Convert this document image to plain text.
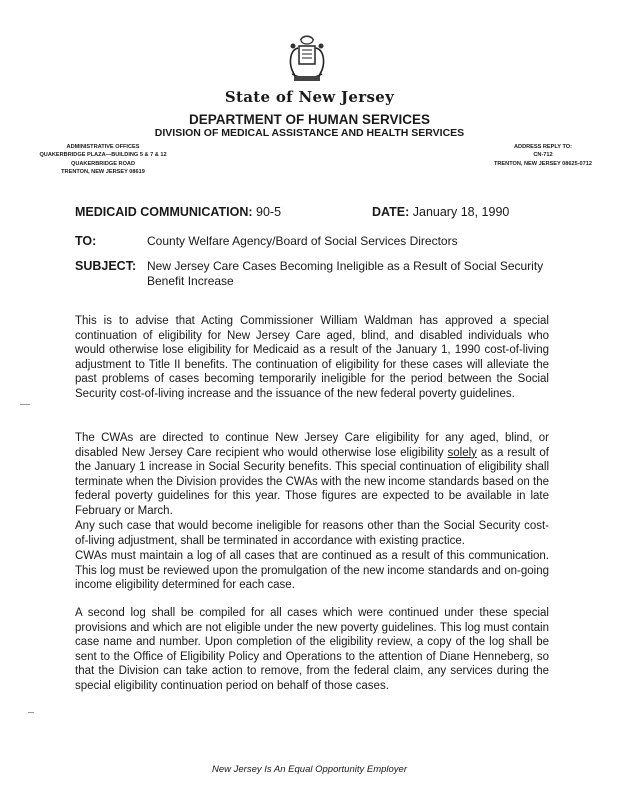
State of New Jersey
DEPARTMENT OF HUMAN SERVICES
DIVISION OF MEDICAL ASSISTANCE AND HEALTH SERVICES
ADMINISTRATIVE OFFICES
QUAKERBRIDGE PLAZA—BUILDING 5 & 7 & 12
QUAKERBRIDGE ROAD
TRENTON, NEW JERSEY 08619
ADDRESS REPLY TO:
CN-712
TRENTON, NEW JERSEY 08625-0712
MEDICAID COMMUNICATION: 90-5	DATE: January 18, 1990
TO:	County Welfare Agency/Board of Social Services Directors
SUBJECT: New Jersey Care Cases Becoming Ineligible as a Result of Social Security Benefit Increase
This is to advise that Acting Commissioner William Waldman has approved a special continuation of eligibility for New Jersey Care aged, blind, and disabled individuals who would otherwise lose eligibility for Medicaid as a result of the January 1, 1990 cost-of-living adjustment to Title II benefits. The continuation of eligibility for these cases will alleviate the past problems of cases becoming temporarily ineligible for the period between the Social Security cost-of-living increase and the issuance of the new federal poverty guidelines.
The CWAs are directed to continue New Jersey Care eligibility for any aged, blind, or disabled New Jersey Care recipient who would otherwise lose eligibility solely as a result of the January 1 increase in Social Security benefits. This special continuation of eligibility shall terminate when the Division provides the CWAs with the new income standards based on the federal poverty guidelines for this year. Those figures are expected to be available in late February or March.
Any such case that would become ineligible for reasons other than the Social Security cost-of-living adjustment, shall be terminated in accordance with existing practice.
CWAs must maintain a log of all cases that are continued as a result of this communication. This log must be reviewed upon the promulgation of the new income standards and on-going income eligibility determined for each case.
A second log shall be compiled for all cases which were continued under these special provisions and which are not eligible under the new poverty guidelines. This log must contain case name and number. Upon completion of the eligibility review, a copy of the log shall be sent to the Office of Eligibility Policy and Operations to the attention of Diane Henneberg, so that the Division can take action to remove, from the federal claim, any services during the special eligibility continuation period on behalf of those cases.
New Jersey Is An Equal Opportunity Employer
